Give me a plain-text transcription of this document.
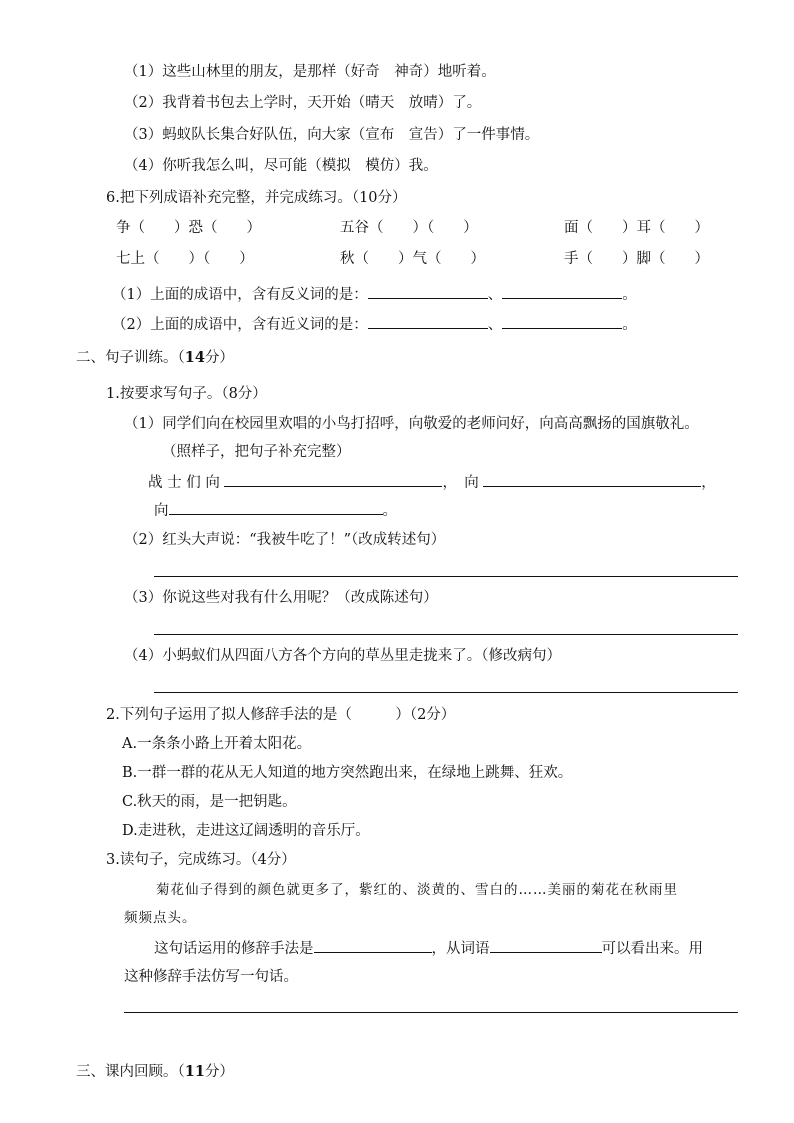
（1）这些山林里的朋友，是那样（好奇　神奇）地听着。
（2）我背着书包去上学时，天开始（晴天　放晴）了。
（3）蚂蚁队长集合好队伍，向大家（宣布　宣告）了一件事情。
（4）你听我怎么叫，尽可能（模拟　模仿）我。
6.把下列成语补充完整，并完成练习。（10分）
争（　　）恐（　　）	五谷（　　）（　　）	面（　　）耳（　　）
七上（　　）（　　）	秋（　　）气（　　）	手（　　）脚（　　）
（1）上面的成语中，含有反义词的是：	、	。
（2）上面的成语中，含有近义词的是：	、	。
二、句子训练。（14分）
1.按要求写句子。（8分）
（1）同学们向在校园里欢唱的小鸟打招呼，向敬爱的老师问好，向高高飘扬的国旗敬礼。
（照样子，把句子补充完整）
战 士 们 向	，　 向	，
向	。
（2）红头大声说：“我被牛吃了！”（改成转述句）
（3）你说这些对我有什么用呢？（改成陈述句）
（4）小蚂蚁们从四面八方各个方向的草丛里走拢来了。（修改病句）
2.下列句子运用了拟人修辞手法的是（　　　）（2分）
A.一条条小路上开着太阳花。
B.一群一群的花从无人知道的地方突然跑出来，在绿地上跳舞、狂欢。
C.秋天的雨，是一把钥匙。
D.走进秋，走进这辽阔透明的音乐厅。
3.读句子，完成练习。（4分）
菊花仙子得到的颜色就更多了，紫红的、淡黄的、雪白的……美丽的菊花在秋雨里
频频点头。
这句话运用的修辞手法是	，从词语	可以看出来。用
这种修辞手法仿写一句话。
三、课内回顾。（11分）
